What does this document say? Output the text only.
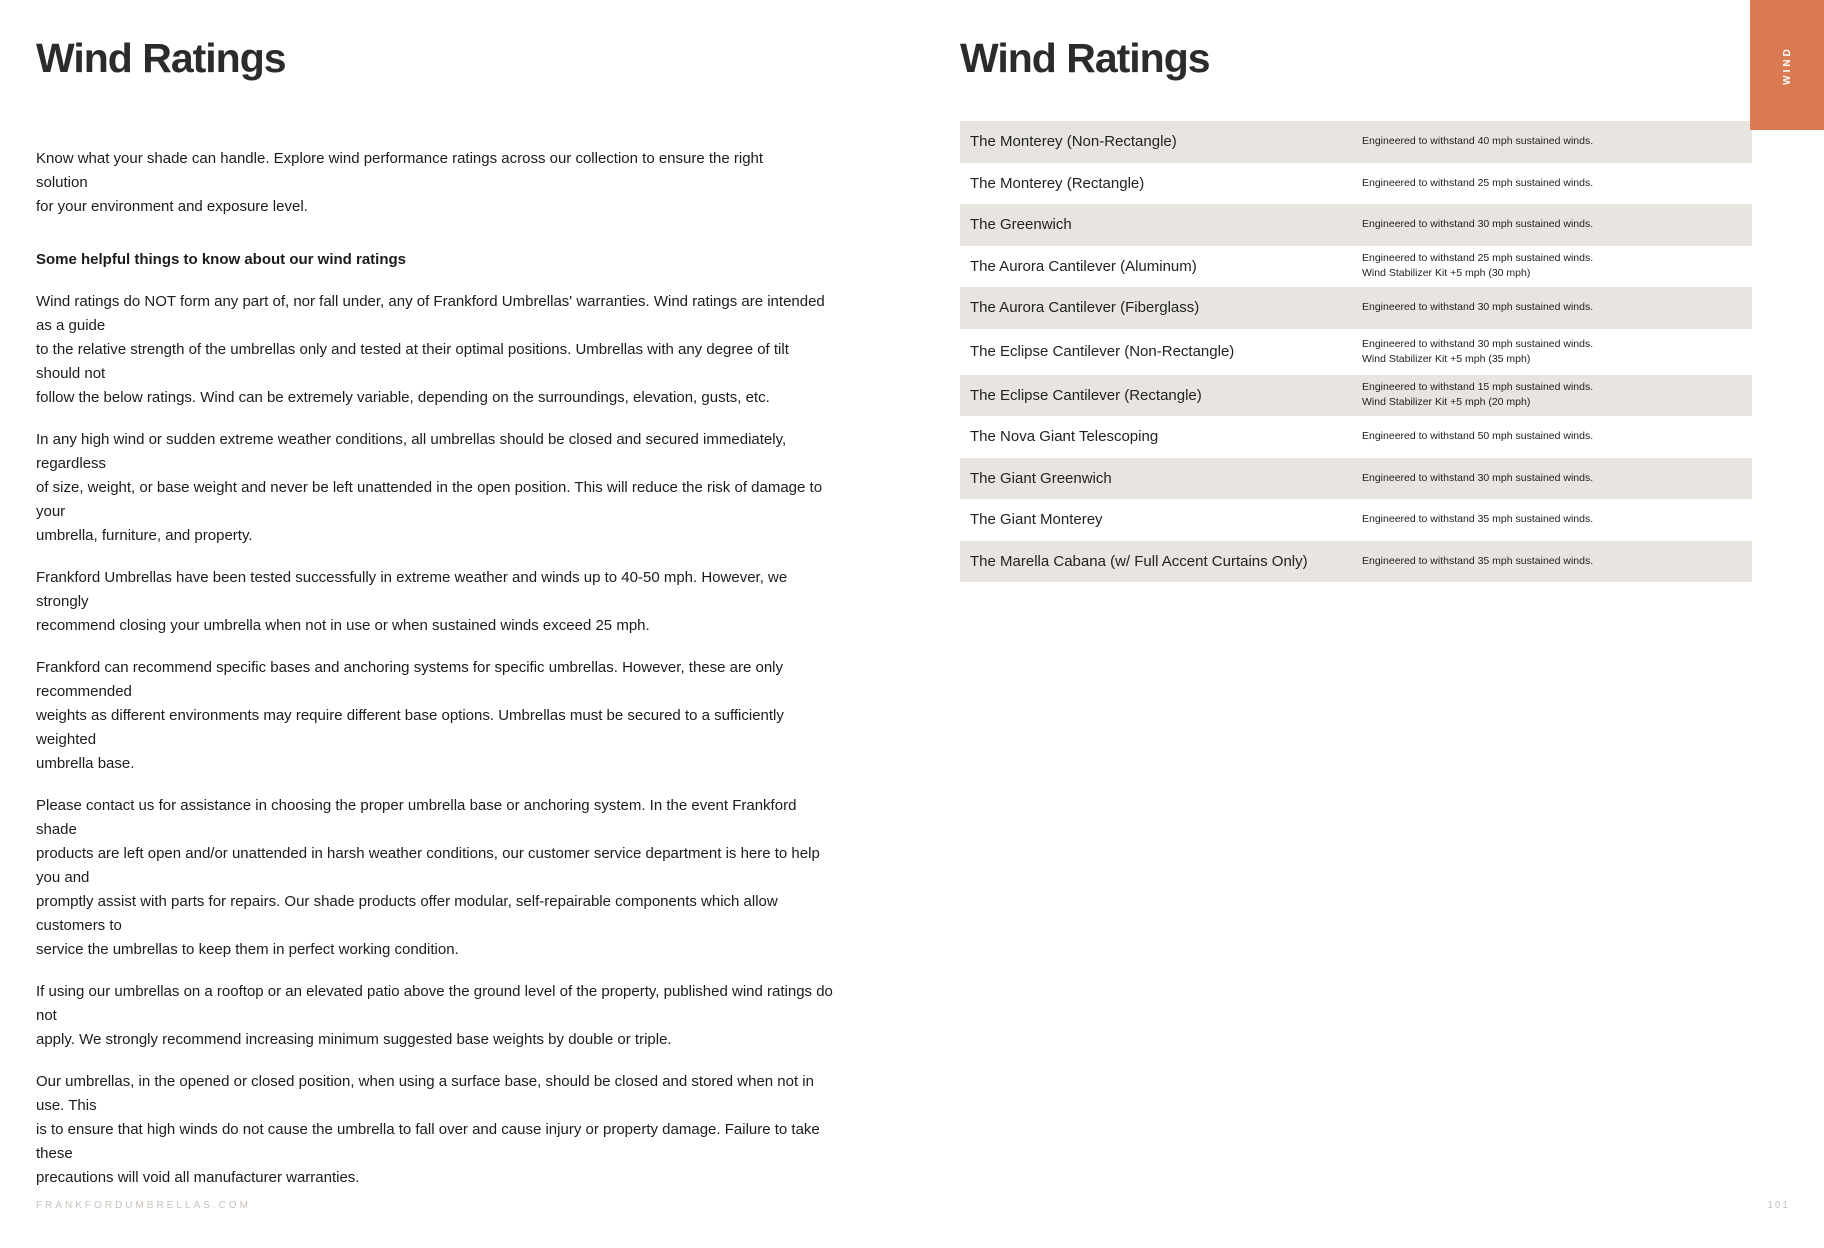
Wind Ratings

Know what your shade can handle. Explore wind performance ratings across our collection to ensure the right solution
for your environment and exposure level.

Some helpful things to know about our wind ratings

Wind ratings do NOT form any part of, nor fall under, any of Frankford Umbrellas' warranties. Wind ratings are intended as a guide
to the relative strength of the umbrellas only and tested at their optimal positions. Umbrellas with any degree of tilt should not
follow the below ratings. Wind can be extremely variable, depending on the surroundings, elevation, gusts, etc.

In any high wind or sudden extreme weather conditions, all umbrellas should be closed and secured immediately, regardless
of size, weight, or base weight and never be left unattended in the open position. This will reduce the risk of damage to your
umbrella, furniture, and property.

Frankford Umbrellas have been tested successfully in extreme weather and winds up to 40-50 mph. However, we strongly
recommend closing your umbrella when not in use or when sustained winds exceed 25 mph.

Frankford can recommend specific bases and anchoring systems for specific umbrellas. However, these are only recommended
weights as different environments may require different base options. Umbrellas must be secured to a sufficiently weighted
umbrella base.

Please contact us for assistance in choosing the proper umbrella base or anchoring system. In the event Frankford shade
products are left open and/or unattended in harsh weather conditions, our customer service department is here to help you and
promptly assist with parts for repairs. Our shade products offer modular, self-repairable components which allow customers to
service the umbrellas to keep them in perfect working condition.

If using our umbrellas on a rooftop or an elevated patio above the ground level of the property, published wind ratings do not
apply. We strongly recommend increasing minimum suggested base weights by double or triple.

Our umbrellas, in the opened or closed position, when using a surface base, should be closed and stored when not in use. This
is to ensure that high winds do not cause the umbrella to fall over and cause injury or property damage. Failure to take these
precautions will void all manufacturer warranties.

Wind Ratings
The Monterey (Non-Rectangle)	Engineered to withstand 40 mph sustained winds.
The Monterey (Rectangle)	Engineered to withstand 25 mph sustained winds.
The Greenwich	Engineered to withstand 30 mph sustained winds.
The Aurora Cantilever (Aluminum)	Engineered to withstand 25 mph sustained winds.
Wind Stabilizer Kit +5 mph (30 mph)
The Aurora Cantilever (Fiberglass)	Engineered to withstand 30 mph sustained winds.
The Eclipse Cantilever (Non-Rectangle)	Engineered to withstand 30 mph sustained winds.
Wind Stabilizer Kit +5 mph (35 mph)
The Eclipse Cantilever (Rectangle)	Engineered to withstand 15 mph sustained winds.
Wind Stabilizer Kit +5 mph (20 mph)
The Nova Giant Telescoping	Engineered to withstand 50 mph sustained winds.
The Giant Greenwich	Engineered to withstand 30 mph sustained winds.
The Giant Monterey	Engineered to withstand 35 mph sustained winds.
The Marella Cabana (w/ Full Accent Curtains Only)	Engineered to withstand 35 mph sustained winds.
WIND
FRANKFORDUMBRELLAS.COM	101
